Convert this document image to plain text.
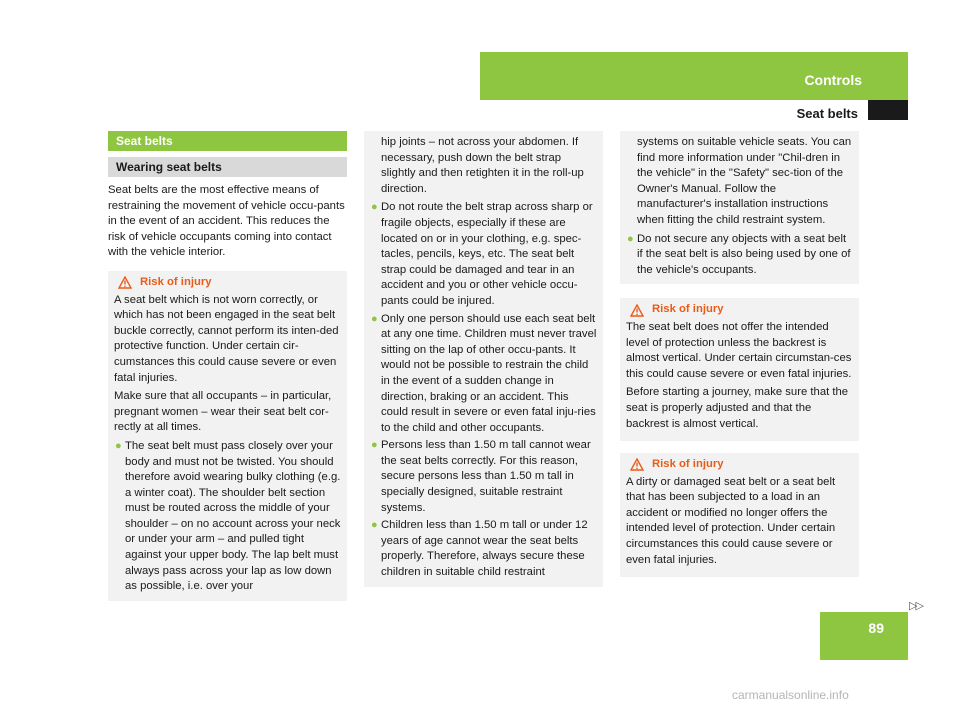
Controls
Seat belts
Seat belts
Wearing seat belts

Seat belts are the most effective means of restraining the movement of vehicle occu-pants in the event of an accident. This reduces the risk of vehicle occupants coming into contact with the vehicle interior.

Risk of injury

A seat belt which is not worn correctly, or which has not been engaged in the seat belt buckle correctly, cannot perform its inten-ded protective function. Under certain cir-cumstances this could cause severe or even fatal injuries.

Make sure that all occupants – in particular, pregnant women – wear their seat belt cor-rectly at all times.

● The seat belt must pass closely over your body and must not be twisted. You should therefore avoid wearing bulky clothing (e.g. a winter coat). The shoulder belt section must be routed across the middle of your shoulder – on no account across your neck or under your arm – and pulled tight against your upper body. The lap belt must always pass across your lap as low down as possible, i.e. over your

hip joints – not across your abdomen. If necessary, push down the belt strap slightly and then retighten it in the roll-up direction.

● Do not route the belt strap across sharp or fragile objects, especially if these are located on or in your clothing, e.g. spec-tacles, pencils, keys, etc. The seat belt strap could be damaged and tear in an accident and you or other vehicle occu-pants could be injured.
● Only one person should use each seat belt at any one time. Children must never travel sitting on the lap of other occu-pants. It would not be possible to restrain the child in the event of a sudden change in direction, braking or an accident. This could result in severe or even fatal inju-ries to the child and other occupants.
● Persons less than 1.50 m tall cannot wear the seat belts correctly. For this reason, secure persons less than 1.50 m tall in specially designed, suitable restraint systems.
● Children less than 1.50 m tall or under 12 years of age cannot wear the seat belts properly. Therefore, always secure these children in suitable child restraint

systems on suitable vehicle seats. You can find more information under "Chil-dren in the vehicle" in the "Safety" sec-tion of the Owner's Manual. Follow the manufacturer's installation instructions when fitting the child restraint system.

● Do not secure any objects with a seat belt if the seat belt is also being used by one of the vehicle's occupants.
Risk of injury

The seat belt does not offer the intended level of protection unless the backrest is almost vertical. Under certain circumstan-ces this could cause severe or even fatal injuries.

Before starting a journey, make sure that the seat is properly adjusted and that the backrest is almost vertical.

Risk of injury

A dirty or damaged seat belt or a seat belt that has been subjected to a load in an accident or modified no longer offers the intended level of protection. Under certain circumstances this could cause severe or even fatal injuries.

▷▷
89
carmanualsonline.info
